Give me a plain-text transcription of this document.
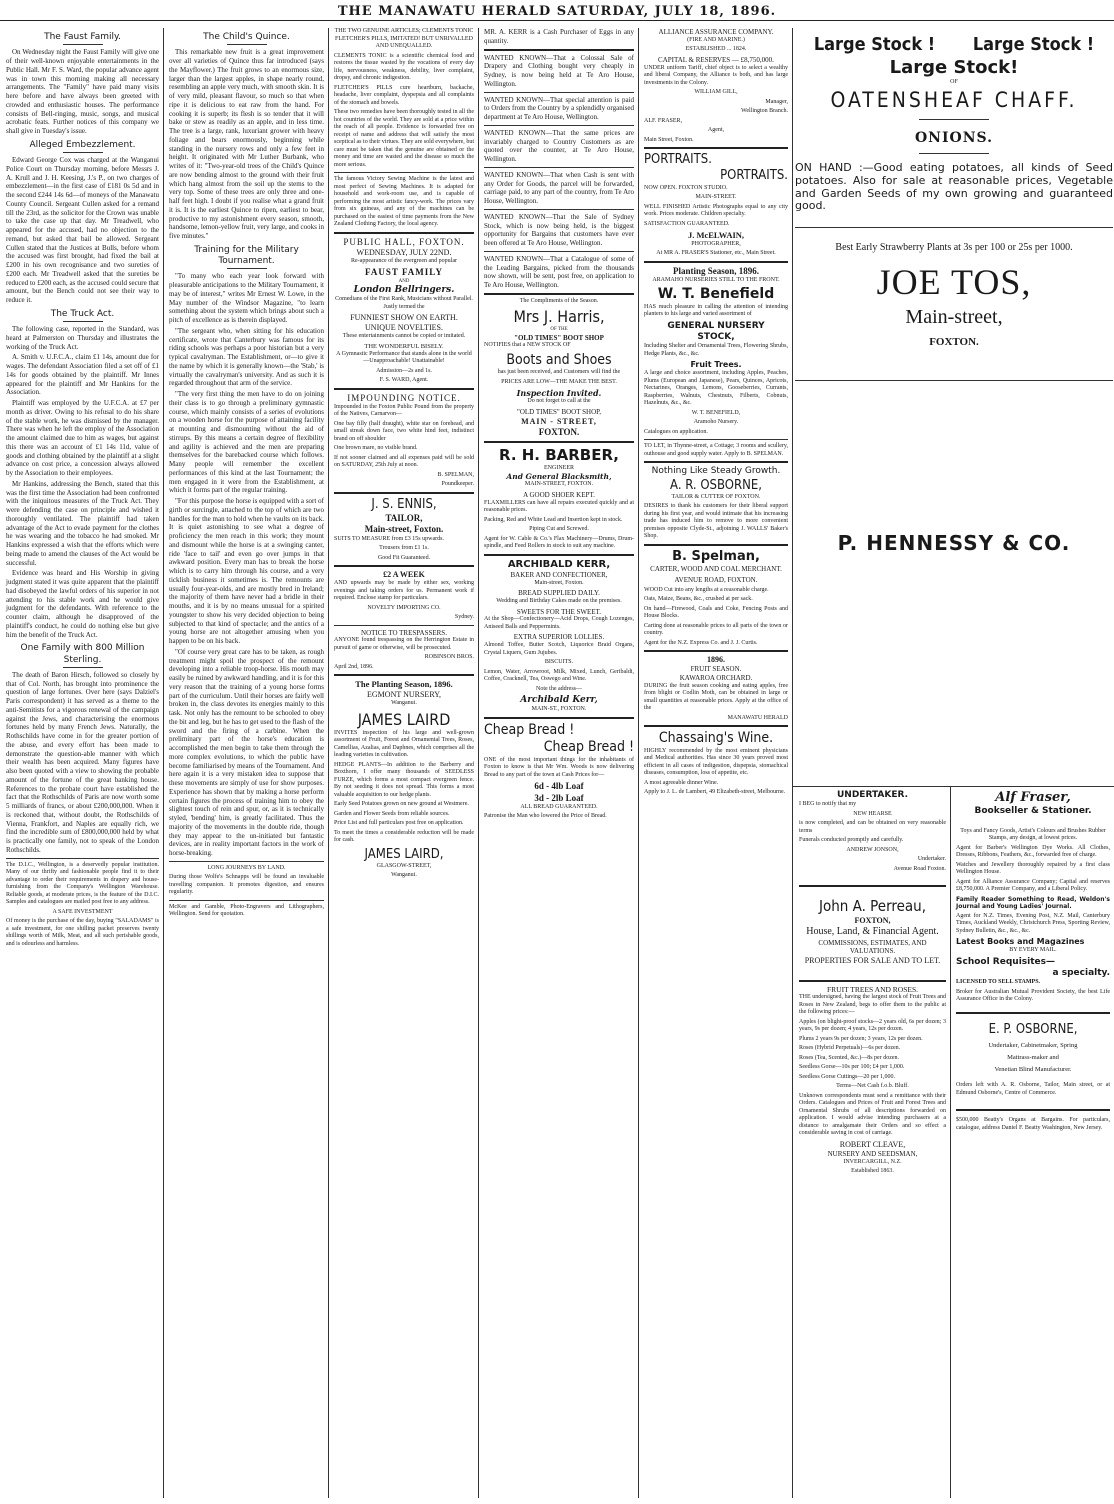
THE MANAWATU HERALD SATURDAY, JULY 18, 1896.
The Faust Family.
On Wednesday night the Faust Family will give one of their well-known enjoyable entertainments in the Public Hall. Mr F. S. Ward, the popular advance agent was in town this morning making all necessary arrangements. The "Family" have paid many visits here before and have always been greeted with crowded and enthusiastic houses. The performance consists of Bell-ringing, music, songs, and musical acrobatic feats. Further notices of this company we shall give in Tuesday's issue.
Alleged Embezzlement.
Edward George Cox was charged at the Wanganui Police Court on Thursday morning, before Messrs J. A. Krull and J. H. Keesing, J.'s P., on two charges of embezzlement—in the first case of £181 0s 5d and in the second £244 14s 6d—of moneys of the Manawatu County Council. Sergeant Cullen asked for a remand till the 23rd, as the solicitor for the Crown was unable to take the case up that day. Mr Treadwell, who appeared for the accused, had no objection to the remand, but asked that bail be allowed. Sergeant Cullen stated that the Justices at Bulls, before whom the accused was first brought, had fixed the bail at £200 in his own recognisance and two sureties of £200 each. Mr Treadwell asked that the sureties be reduced to £200 each, as the accused could secure that amount, but the Bench could not see their way to reduce it.
The Truck Act.
The following case, reported in the Standard, was heard at Palmerston on Thursday and illustrates the working of the Truck Act.
A. Smith v. U.F.C.A., claim £1 14s, amount due for wages. The defendant Association filed a set off of £1 14s for goods obtained by the plaintiff. Mr Innes appeared for the plaintiff and Mr Hankins for the Association.
Plaintiff was employed by the U.F.C.A. at £7 per month as driver. Owing to his refusal to do his share of the stable work, he was dismissed by the manager. There was when he left the employ of the Association the amount claimed due to him as wages, but against this there was an account of £1 14s 11d, value of goods and clothing obtained by the plaintiff at a slight advance on cost price, a concession always allowed by the Association to their employees.
Mr Hankins, addressing the Bench, stated that this was the first time the Association had been confronted with the iniquitous measures of the Truck Act. They were defending the case on principle and wished it thoroughly ventilated. The plaintiff had taken advantage of the Act to evade payment for the clothes he was wearing and the tobacco he had smoked. Mr Hankins expressed a wish that the efforts which were being made to amend the clauses of the Act would be successful.
Evidence was heard and His Worship in giving judgment stated it was quite apparent that the plaintiff had disobeyed the lawful orders of his superior in not attending to his stable work and he would give judgment for the defendants. With reference to the counter claim, although he disapproved of the plaintiff's conduct, he could do nothing else but give him the benefit of the Truck Act.
One Family with 800 Million Sterling.
The death of Baron Hirsch, followed so closely by that of Col. North, has brought into prominence the question of large fortunes. Over here (says Dalziel's Paris correspondent) it has served as a theme to the anti-Semitists for a vigorous renewal of the campaign against the Jews, and characterising the enormous fortunes held by many French Jews. Naturally, the Rothschilds have come in for the greater portion of the abuse, and every effort has been made to demonstrate the question-able manner with which their wealth has been acquired. Many figures have also been quoted with a view to showing the probable amount of the fortune of the great banking house. References to the probate court have established the fact that the Rothschilds of Paris are now worth some 5 milliards of francs, or about £200,000,000. When it is reckoned that, without doubt, the Rothschilds of Vienna, Frankfort, and Naples are equally rich, we find the incredible sum of £800,000,000 held by what is practically one family, not to speak of the London Rothschilds.
The D.I.C., Wellington, is a deservedly popular institution. Many of our thrifty and fashionable people find it to their advantage to order their requirements in drapery and house-furnishing from the Company's Wellington Warehouse. Reliable goods, at moderate prices, is the feature of the D.I.C. Samples and catalogues are mailed post free to any address.
A SAFE INVESTMENT
Of money is the purchase of the day, buying "SALADAMS" is a safe investment, for one shilling packet preserves twenty shillings worth of Milk, Meat, and all such perishable goods, and is odourless and harmless.
The Child's Quince.
This remarkable new fruit is a great improvement over all varieties of Quince thus far introduced (says the Mayflower.) The fruit grows to an enormous size, larger than the largest apples, in shape nearly round, resembling an apple very much, with smooth skin. It is of very mild, pleasant flavour, so much so that when ripe it is delicious to eat raw from the hand. For cooking it is superb; its flesh is so tender that it will bake or stew as readily as an apple, and in less time. The tree is a large, rank, luxuriant grower with heavy foliage and bears enormously, beginning while standing in the nursery rows and only a few feet in height. It originated with Mr Luther Burbank, who writes of it: "Two-year-old trees of the Child's Quince are now bending almost to the ground with their fruit which hang almost from the soil up the stems to the very top. Some of these trees are only three and one-half feet high. I doubt if you realise what a grand fruit it is. It is the earliest Quince to ripen, earliest to bear, productive to my astonishment every season, smooth, handsome, lemon-yellow fruit, very large, and cooks in five minutes."
Training for the Military Tournament.
"To many who each year look forward with pleasurable anticipations to the Military Tournament, it may be of interest," writes Mr Ernest W. Lowe, in the May number of the Windsor Magazine, "to learn something about the system which brings about such a pitch of excellence as is therein displayed.
"The sergeant who, when sitting for his education certificate, wrote that Canterbury was famous for its riding schools was perhaps a poor historian but a very typical cavalryman. The Establishment, or—to give it the name by which it is generally known—the 'Stab,' is virtually the cavalryman's university. And as such it is regarded throughout that arm of the service.
"The very first thing the men have to do on joining their class is to go through a preliminary gymnastic course, which mainly consists of a series of evolutions on a wooden horse for the purpose of attaining facility at mounting and dismounting without the aid of stirrups. By this means a certain degree of flexibility and agility is achieved and the men are preparing themselves for the barebacked course which follows. Many people will remember the excellent performances of this kind at the last Tournament; the men engaged in it were from the Establishment, at which it forms part of the regular training.
"For this purpose the horse is equipped with a sort of girth or surcingle, attached to the top of which are two handles for the man to hold when he vaults on its back. It is quiet astonishing to see what a degree of proficiency the men reach in this work; they mount and dismount while the horse is at a swinging canter, ride 'face to tail' and even go over jumps in that awkward position. Every man has to break the horse which is to carry him through his course, and a very ticklish business it sometimes is. The remounts are usually four-year-olds, and are mostly bred in Ireland; the majority of them have never had a bridle in their mouths, and it is by no means unusual for a spirited youngster to show his very decided objection to being subjected to that kind of spectacle; and the antics of a young horse are not altogether amusing when you happen to be on his back.
"Of course very great care has to be taken, as rough treatment might spoil the prospect of the remount developing into a reliable troop-horse. His mouth may easily be ruined by awkward handling, and it is for this very reason that the training of a young horse forms part of the curriculum. Until their horses are fairly well broken in, the class devotes its energies mainly to this task. Not only has the remount to be schooled to obey the bit and leg, but he has to get used to the flash of the sword and the firing of a carbine. When the preliminary part of the horse's education is accomplished the men begin to take them through the more complex evolutions, to which the public have become familiarised by means of the Tournament. And here again it is a very mistaken idea to suppose that these movements are simply of use for show purposes. Experience has shown that by making a horse perform certain figures the process of training him to obey the slightest touch of rein and spur, or, as it is technically styled, 'bending' him, is greatly facilitated. Thus the majority of the movements in the double ride, though they may appear to the un-initiated but fantastic devices, are in reality important factors in the work of horse-breaking.
LONG JOURNEYS BY LAND.
During those Wolfe's Schnapps will be found an invaluable travelling companion. It promotes digestion, and ensures regularity.
McKee and Gamble, Photo-Engravers and Lithographers, Wellington. Send for quotation.
THE TWO GENUINE ARTICLES; CLEMENTS TONIC FLETCHER'S PILLS, IMITATED! BUT UNRIVALLED AND UNEQUALLED.
CLEMENTS TONIC is a scientific chemical food and restores the tissue wasted by the vocations of every day life, nervousness, weakness, debility, liver complaint, dropsy, and chronic indigestion.
FLETCHER'S PILLS cure heartburn, backache, headache, liver complaint, dyspepsia and all complaints of the stomach and bowels.
These two remedies have been thoroughly tested in all the hot countries of the world. They are sold at a price within the reach of all people. Evidence is forwarded free on receipt of name and address that will satisfy the most sceptical as to their virtues. They are sold everywhere, but care must be taken that the genuine are obtained or the money and time are wasted and the disease so much the more serious.
The famous Victory Sewing Machine is the latest and most perfect of Sewing Machines. It is adapted for household and work-room use, and is capable of performing the most artistic fancy-work. The prices vary from six guineas, and any of the machines can be purchased on the easiest of time payments from the New Zealand Clothing Factory, the local agency.
PUBLIC HALL, FOXTON.
WEDNESDAY, JULY 22ND.
Re-appearance of the evergreen and popular
FAUST FAMILY
AND
London Bellringers.
Comedians of the First Rank, Musicians without Parallel. Justly termed the
FUNNIEST SHOW ON EARTH. UNIQUE NOVELTIES.
These entertainments cannot be copied or imitated.
THE WONDERFUL BISELY.
A Gymnastic Performance that stands alone in the world—Unapproachable! Unattainable!
Admission—2s and 1s.
F. S. WARD, Agent.
IMPOUNDING NOTICE.
Impounded in the Foxton Public Pound from the property of the Natives, Carnarvon—
One bay filly (half draught), white star on forehead, and small streak down face, two white hind feet, indistinct brand on off shoulder
One brown mare, no visible brand.
If not sooner claimed and all expenses paid will be sold on SATURDAY, 25th July at noon.
B. SPELMAN,
Poundkeeper.
J. S. ENNIS,
TAILOR,
Main-street, Foxton.
SUITS TO MEASURE from £3 15s upwards.
Trousers from £1 1s.
Good Fit Guaranteed.
£2 A WEEK
AND upwards may be made by either sex, working evenings and taking orders for us. Permanent work if required. Enclose stamp for particulars.
NOVELTY IMPORTING CO.
Sydney.
NOTICE TO TRESPASSERS.
ANYONE found trespassing on the Herrington Estate in pursuit of game or otherwise, will be prosecuted.
ROBINSON BROS.
April 2nd, 1896.
The Planting Season, 1896.
EGMONT NURSERY,
Wanganui.
JAMES LAIRD
INVITES inspection of his large and well-grown assortment of Fruit, Forest and Ornamental Trees, Roses, Camellias, Azalias, and Daphnes, which comprises all the leading varieties in cultivation.
HEDGE PLANTS—In addition to the Barberry and Boxthorn, I offer many thousands of SEEDLESS FURZE, which forms a most compact evergreen fence. By not seeding it does not spread. This forms a most valuable acquisition to our hedge plants.
Early Seed Potatoes grown on new ground at Westmere.
Garden and Flower Seeds from reliable sources.
Price List and full particulars post free on application.
To meet the times a considerable reduction will be made for cash.
JAMES LAIRD,
GLASGOW-STREET,
Wanganui.
MR. A. KERR is a Cash Purchaser of Eggs in any quantity.
WANTED KNOWN—That a Colossal Sale of Drapery and Clothing bought very cheaply in Sydney, is now being held at Te Aro House, Wellington.
WANTED KNOWN—That special attention is paid to Orders from the Country by a splendidly organised department at Te Aro House, Wellington.
WANTED KNOWN—That the same prices are invariably charged to Country Customers as are quoted over the counter, at Te Aro House, Wellington.
WANTED KNOWN—That when Cash is sent with any Order for Goods, the parcel will be forwarded, carriage paid, to any part of the country, from Te Aro House, Wellington.
WANTED KNOWN—That the Sale of Sydney Stock, which is now being held, is the biggest opportunity for Bargains that customers have ever been offered at Te Aro House, Wellington.
WANTED KNOWN—That a Catalogue of some of the Leading Bargains, picked from the thousands now shown, will be sent, post free, on application to Te Aro House, Wellington.
The Compliments of the Season.
Mrs J. Harris,
OF THE
"OLD TIMES" BOOT SHOP
NOTIFIES that a NEW STOCK OF
Boots and Shoes
has just been received, and Customers will find the
PRICES ARE LOW—THE MAKE THE BEST.
Inspection Invited.
Do not forget to call at the
"OLD TIMES" BOOT SHOP,
MAIN - STREET,
FOXTON.
R. H. BARBER,
ENGINEER
And General Blacksmith,
MAIN-STREET, FOXTON.
A GOOD SHOER KEPT.
FLAXMILLERS can have all repairs executed quickly and at reasonable prices.
Packing, Red and White Lead and Insertion kept in stock.
Piping Cut and Screwed.
Agent for W. Cable & Co.'s Flax Machinery—Drums, Drum-spindle, and Feed Rollers in stock to suit any machine.
ARCHIBALD KERR,
BAKER AND CONFECTIONER,
Main-street, Foxton.
BREAD SUPPLIED DAILY.
Wedding and Birthday Cakes made on the premises.
SWEETS FOR THE SWEET.
At the Shop—Confectionery—Acid Drops, Cough Lozenges, Aniseed Balls and Peppermints.
EXTRA SUPERIOR LOLLIES.
Almond Toffee, Butter Scotch, Liquorice Braid Organs, Crystal Liquers, Gum Jujubes.
BISCUITS.
Lemon, Water, Arrowroot, Milk, Mixed, Lunch, Geribaldi, Coffee, Cracknell, Tea, Oswego and Wine.
Note the address—
Archibald Kerr,
MAIN-ST., FOXTON.
Cheap Bread !
Cheap Bread !
ONE of the most important things for the inhabitants of Foxton to know is that Mr Wm. Woods is now delivering Bread to any part of the town at Cash Prices for—
6d - 4lb Loaf
3d - 2lb Loaf
ALL BREAD GUARANTEED.
Patronise the Man who lowered the Price of Bread.
ALLIANCE ASSURANCE COMPANY.
(FIRE AND MARINE.)
ESTABLISHED ... 1824.
CAPITAL & RESERVES — £8,750,000.
UNDER uniform Tariff, chief object is to select a wealthy and liberal Company, the Alliance is both, and has large investments in the Colony.
WILLIAM GILL,
Manager,
Wellington Branch.
ALF. FRASER,
Agent,
Main Street, Foxton.
PORTRAITS.
PORTRAITS.
NOW OPEN. FOXTON STUDIO.
MAIN-STREET.
WELL FINISHED Artistic Photographs equal to any city work. Prices moderate. Children specialty.
SATISFACTION GUARANTEED.
J. McELWAIN,
PHOTOGRAPHER,
At MR A. FRASER'S Stationer, etc., Main Street.
Planting Season, 1896.
ARAMAHO NURSERIES STILL TO THE FRONT.
W. T. Benefield
HAS much pleasure in calling the attention of intending planters to his large and varied assortment of
GENERAL NURSERY
STOCK,
Including Shelter and Ornamental Trees, Flowering Shrubs, Hedge Plants, &c., &c.
Fruit Trees.
A large and choice assortment, including Apples, Peaches, Plums (European and Japanese), Pears, Quinces, Apricots, Nectarines, Oranges, Lemons, Gooseberries, Currants, Raspberries, Walnuts, Chestnuts, Filberts, Cobnuts, Hazelnuts, &c., &c.
W. T. BENEFIELD,
Aramoho Nursery.
Catalogues on application.
TO LET, in Thynne-street, a Cottage; 3 rooms and scullery, outhouse and good supply water. Apply to B. SPELMAN.
Nothing Like Steady Growth.
A. R. OSBORNE,
TAILOR & CUTTER OF FOXTON.
DESIRES to thank his customers for their liberal support during his first year, and would intimate that his increasing trade has induced him to remove to more convenient premises opposite Clyde-St., adjoining J. WALLS' Baker's Shop.
B. Spelman,
CARTER, WOOD AND COAL MERCHANT.
AVENUE ROAD, FOXTON.
WOOD Cut into any lengths at a reasonable charge.
Oats, Maize, Beans, &c., crushed at per sack.
On hand—Firewood, Coals and Coke, Fencing Posts and House Blocks.
Carting done at reasonable prices to all parts of the town or country.
Agent for the N.Z. Express Co. and J. J. Curtis.
1896.
FRUIT SEASON.
KAWAROA ORCHARD.
DURING the fruit season cooking and eating apples, free from blight or Codlin Moth, can be obtained in large or small quantities at reasonable prices. Apply at the office of the
MANAWATU HERALD
Chassaing's Wine.
HIGHLY recommended by the most eminent physicians and Medical authorities. Has since 30 years proved most efficient in all cases of indigestion, dispepsia, stomachical diseases, consumption, loss of appetite, etc.
A most agreeable dinner Wine.
Apply to J. L. de Lambert, 49 Elizabeth-street, Melbourne.
Large Stock ! Large Stock !
Large Stock!
OF
OATENSHEAF CHAFF.
ONIONS.
ON HAND :—Good eating potatoes, all kinds of Seed potatoes. Also for sale at reasonable prices, Vegetable and Garden Seeds of my own growing and guaranteed good.
Best Early Strawberry Plants at 3s per 100 or 25s per 1000.
JOE TOS,
Main-street,
FOXTON.
P. HENNESSY & CO.
UNDERTAKER.
I BEG to notify that my
NEW HEARSE
is now completed, and can be obtained on very reasonable terms
Funerals conducted promptly and carefully.
ANDREW JONSON,
Undertaker.
Avenue Road Foxton.
John A. Perreau,
FOXTON,
House, Land, & Financial Agent.
COMMISSIONS, ESTIMATES, AND VALUATIONS.
PROPERTIES FOR SALE AND TO LET.
FRUIT TREES AND ROSES.
THE undersigned, having the largest stock of Fruit Trees and Roses in New Zealand, begs to offer them to the public at the following prices:—
Apples (on blight-proof stocks—2 years old, 6s per dozen; 3 years, 9s per dozen; 4 years, 12s per dozen.
Plums 2 years 9s per dozen; 3 years, 12s per dozen.
Roses (Hybrid Perpetuals)—6s per dozen.
Roses (Tea, Scented, &c.)—8s per dozen.
Seedless Gorse—10s per 100; £4 per 1,000.
Seedless Gorse Cuttings—20 per 1,000.
Terms—Net Cash f.o.b. Bluff.
Unknown correspondents must send a remittance with their Orders. Catalogues and Prices of Fruit and Forest Trees and Ornamental Shrubs of all descriptions forwarded on application. I would advise intending purchasers at a distance to amalgamate their Orders and so effect a considerable saving in cost of carriage.
ROBERT CLEAVE,
NURSERY AND SEEDSMAN,
INVERCARGILL, N.Z.
Established 1863.
Alf Fraser,
Bookseller & Stationer.
Toys and Fancy Goods, Artist's Colours and Brushes Rubber Stamps, any design, at lowest prices.
Agent for Barber's Wellington Dye Works. All Clothes, Dresses, Ribbons, Feathers, &c., forwarded free of charge.
Watches and Jewellery thoroughly repaired by a first class Wellington House.
Agent for Alliance Assurance Company; Capital and reserves £8,750,000. A Premier Company, and a Liberal Policy.
Family Reader Something to Read, Weldon's Journal and Young Ladies' Journal.
Agent for N.Z. Times, Evening Post, N.Z. Mail, Canterbury Times, Auckland Weekly, Christchurch Press, Sporting Review, Sydney Bulletin, &c., &c., &c.
Latest Books and Magazines
BY EVERY MAIL.
School Requisites—
a specialty.
LICENSED TO SELL STAMPS.
Broker for Australian Mutual Provident Society, the best Life Assurance Office in the Colony.
E. P. OSBORNE,
Undertaker, Cabinetmaker, Spring
Mattrass-maker and
Venetian Blind Manufacturer.
Orders left with A. R. Osborne, Tailor, Main street, or at Edmund Osborne's, Centre of Commerce.
$500,000 Beatty's Organs at Bargains. For particulars, catalogue, address Daniel F. Beatty Washington, New Jersey.
